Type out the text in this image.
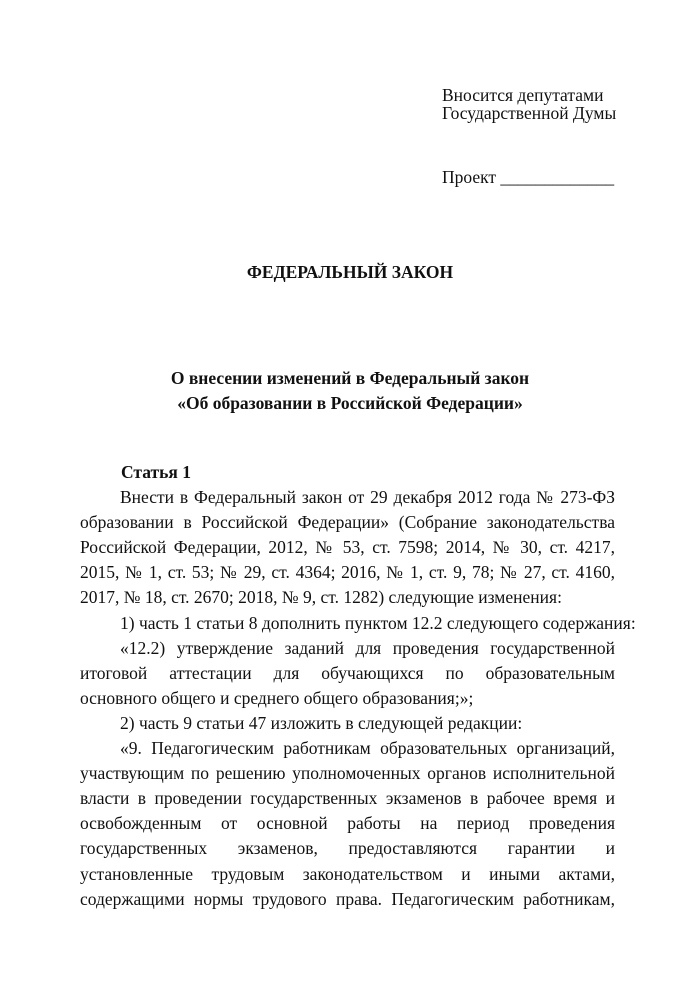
Вносится депутатами
Государственной Думы
Проект _____________
ФЕДЕРАЛЬНЫЙ ЗАКОН
О внесении изменений в Федеральный закон
«Об образовании в Российской Федерации»
Статья 1
Внести в Федеральный закон от 29 декабря 2012 года № 273-ФЗ
образовании в Российской Федерации» (Собрание законодательства
Российской Федерации, 2012, № 53, ст. 7598; 2014, № 30, ст. 4217,
2015, № 1, ст. 53; № 29, ст. 4364; 2016, № 1, ст. 9, 78; № 27, ст. 4160,
2017, № 18, ст. 2670; 2018, № 9, ст. 1282) следующие изменения:
1) часть 1 статьи 8 дополнить пунктом 12.2 следующего содержания:
«12.2) утверждение заданий для проведения государственной
итоговой аттестации для обучающихся по образовательным
основного общего и среднего общего образования;»;
2) часть 9 статьи 47 изложить в следующей редакции:
«9. Педагогическим работникам образовательных организаций,
участвующим по решению уполномоченных органов исполнительной
власти в проведении государственных экзаменов в рабочее время и
освобожденным от основной работы на период проведения
государственных экзаменов, предоставляются гарантии и
установленные трудовым законодательством и иными актами,
содержащими нормы трудового права. Педагогическим работникам,
